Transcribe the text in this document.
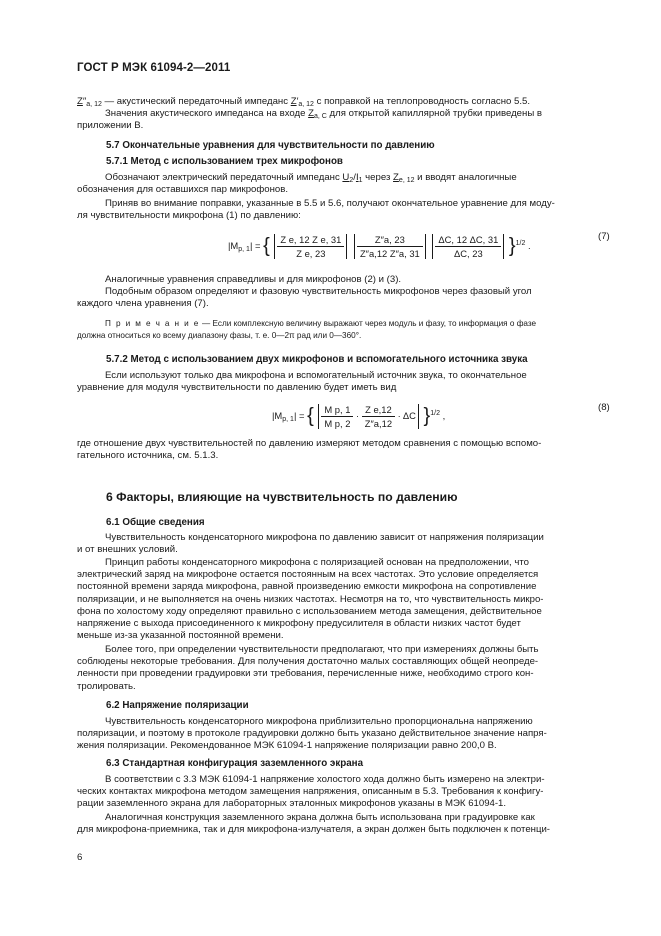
ГОСТ Р МЭК 61094-2—2011
$Z''_{a, 12}$ — акустический передаточный импеданс $Z'_{a, 12}$ с поправкой на теплопроводность согласно 5.5.
Значения акустического импеданса на входе $Z_{a, C}$ для открытой капиллярной трубки приведены в
приложении B.
5.7 Окончательные уравнения для чувствительности по давлению
5.7.1 Метод с использованием трех микрофонов
Обозначают электрический передаточный импеданс $U_2/I_1$ через $Z_{e, 12}$ и вводят аналогичные
обозначения для оставшихся пар микрофонов.
Приняв во внимание поправки, указанные в 5.5 и 5.6, получают окончательное уравнение для моду-
ля чувствительности микрофона (1) по давлению:
$|M_{p, 1}|$ = { $\frac{\text{Z e, 12 Z e, 31}}{\text{Z e, 23}}$
$\frac{Z''a, 23}{Z''a,12 Z''a, 31}$
$\frac{\Delta C, 12 \Delta C, 31}{\Delta C, 23} \}^{1/2}$ .
(7)
Аналогичные уравнения справедливы и для микрофонов (2) и (3).
Подобным образом определяют и фазовую чувствительность микрофонов через фазовый угол
каждого члена уравнения (7).
П р и м е ч а н и е — Если комплексную величину выражают через модуль и фазу, то информация о фазе
должна относиться ко всему диапазону фазы, т. е. 0—2π рад или 0—360°.
5.7.2 Метод с использованием двух микрофонов и вспомогательного источника звука
Если используют только два микрофона и вспомогательный источник звука, то окончательное
уравнение для модуля чувствительности по давлению будет иметь вид
$|M_{p, 1}|$ = { $\frac{\text{M p, 1}}{\text{M p, 2}} \cdot \frac{\text{Z e,12}}{Z''a,12} \cdot \Delta C$ }$^{1/2}$ ,
(8)
где отношение двух чувствительностей по давлению измеряют методом сравнения с помощью вспомо-
гательного источника, см. 5.1.3.
6 Факторы, влияющие на чувствительность по давлению
6.1 Общие сведения
Чувствительность конденсаторного микрофона по давлению зависит от напряжения поляризации
и от внешних условий.
Принцип работы конденсаторного микрофона с поляризацией основан на предположении, что
электрический заряд на микрофоне остается постоянным на всех частотах. Это условие определяется
постоянной времени заряда микрофона, равной произведению емкости микрофона на сопротивление
поляризации, и не выполняется на очень низких частотах. Несмотря на то, что чувствительность микро-
фона по холостому ходу определяют правильно с использованием метода замещения, действительное
напряжение с выхода присоединенного к микрофону предусилителя в области низких частот будет
меньше из-за указанной постоянной времени.
Более того, при определении чувствительности предполагают, что при измерениях должны быть
соблюдены некоторые требования. Для получения достаточно малых составляющих общей неопреде-
ленности при проведении градуировки эти требования, перечисленные ниже, необходимо строго кон-
тролировать.
6.2 Напряжение поляризации
Чувствительность конденсаторного микрофона приблизительно пропорциональна напряжению
поляризации, и поэтому в протоколе градуировки должно быть указано действительное значение напря-
жения поляризации. Рекомендованное МЭК 61094-1 напряжение поляризации равно 200,0 В.
6.3 Стандартная конфигурация заземленного экрана
В соответствии с 3.3 МЭК 61094-1 напряжение холостого хода должно быть измерено на электри-
ческих контактах микрофона методом замещения напряжения, описанным в 5.3. Требования к конфигу-
рации заземленного экрана для лабораторных эталонных микрофонов указаны в МЭК 61094-1.
Аналогичная конструкция заземленного экрана должна быть использована при градуировке как
для микрофона-приемника, так и для микрофона-излучателя, а экран должен быть подключен к потенци-
6
